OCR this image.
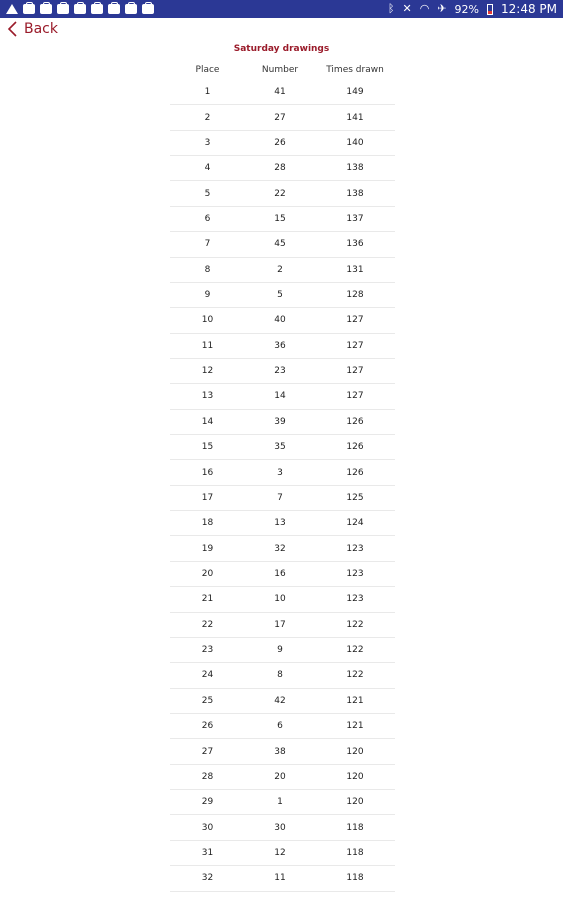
ᛒ ✕ ◠ ✈ 92% 12:48 PM
Back
Saturday drawings
Place	Number	Times drawn
1	41	149
2	27	141
3	26	140
4	28	138
5	22	138
6	15	137
7	45	136
8	2	131
9	5	128
10	40	127
11	36	127
12	23	127
13	14	127
14	39	126
15	35	126
16	3	126
17	7	125
18	13	124
19	32	123
20	16	123
21	10	123
22	17	122
23	9	122
24	8	122
25	42	121
26	6	121
27	38	120
28	20	120
29	1	120
30	30	118
31	12	118
32	11	118
